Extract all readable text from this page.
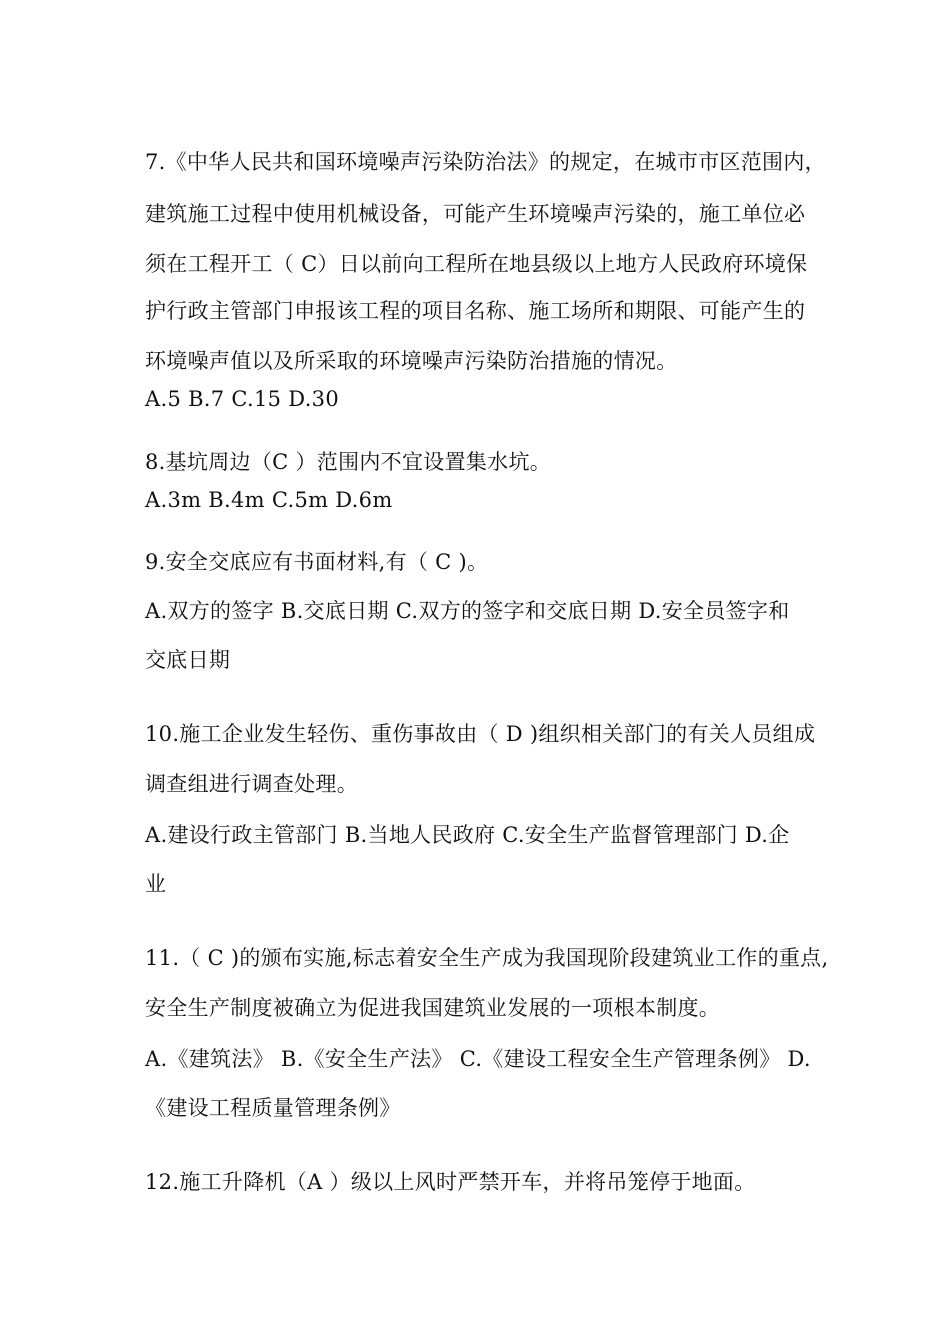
7.《中华人民共和国环境噪声污染防治法》的规定，在城市市区范围内，
建筑施工过程中使用机械设备，可能产生环境噪声污染的，施工单位必
须在工程开工（ C）日以前向工程所在地县级以上地方人民政府环境保
护行政主管部门申报该工程的项目名称、施工场所和期限、可能产生的
环境噪声值以及所采取的环境噪声污染防治措施的情况。
A.5 B.7 C.15 D.30
8.基坑周边（C ）范围内不宜设置集水坑。
A.3m B.4m C.5m D.6m
9.安全交底应有书面材料,有（ C )。
A.双方的签字 B.交底日期 C.双方的签字和交底日期 D.安全员签字和
交底日期
10.施工企业发生轻伤、重伤事故由（ D )组织相关部门的有关人员组成
调查组进行调查处理。
A.建设行政主管部门 B.当地人民政府 C.安全生产监督管理部门 D.企
业
11.（ C )的颁布实施,标志着安全生产成为我国现阶段建筑业工作的重点,
安全生产制度被确立为促进我国建筑业发展的一项根本制度。
A.《建筑法》 B.《安全生产法》 C.《建设工程安全生产管理条例》 D.
《建设工程质量管理条例》
12.施工升降机（A ）级以上风时严禁开车，并将吊笼停于地面。
